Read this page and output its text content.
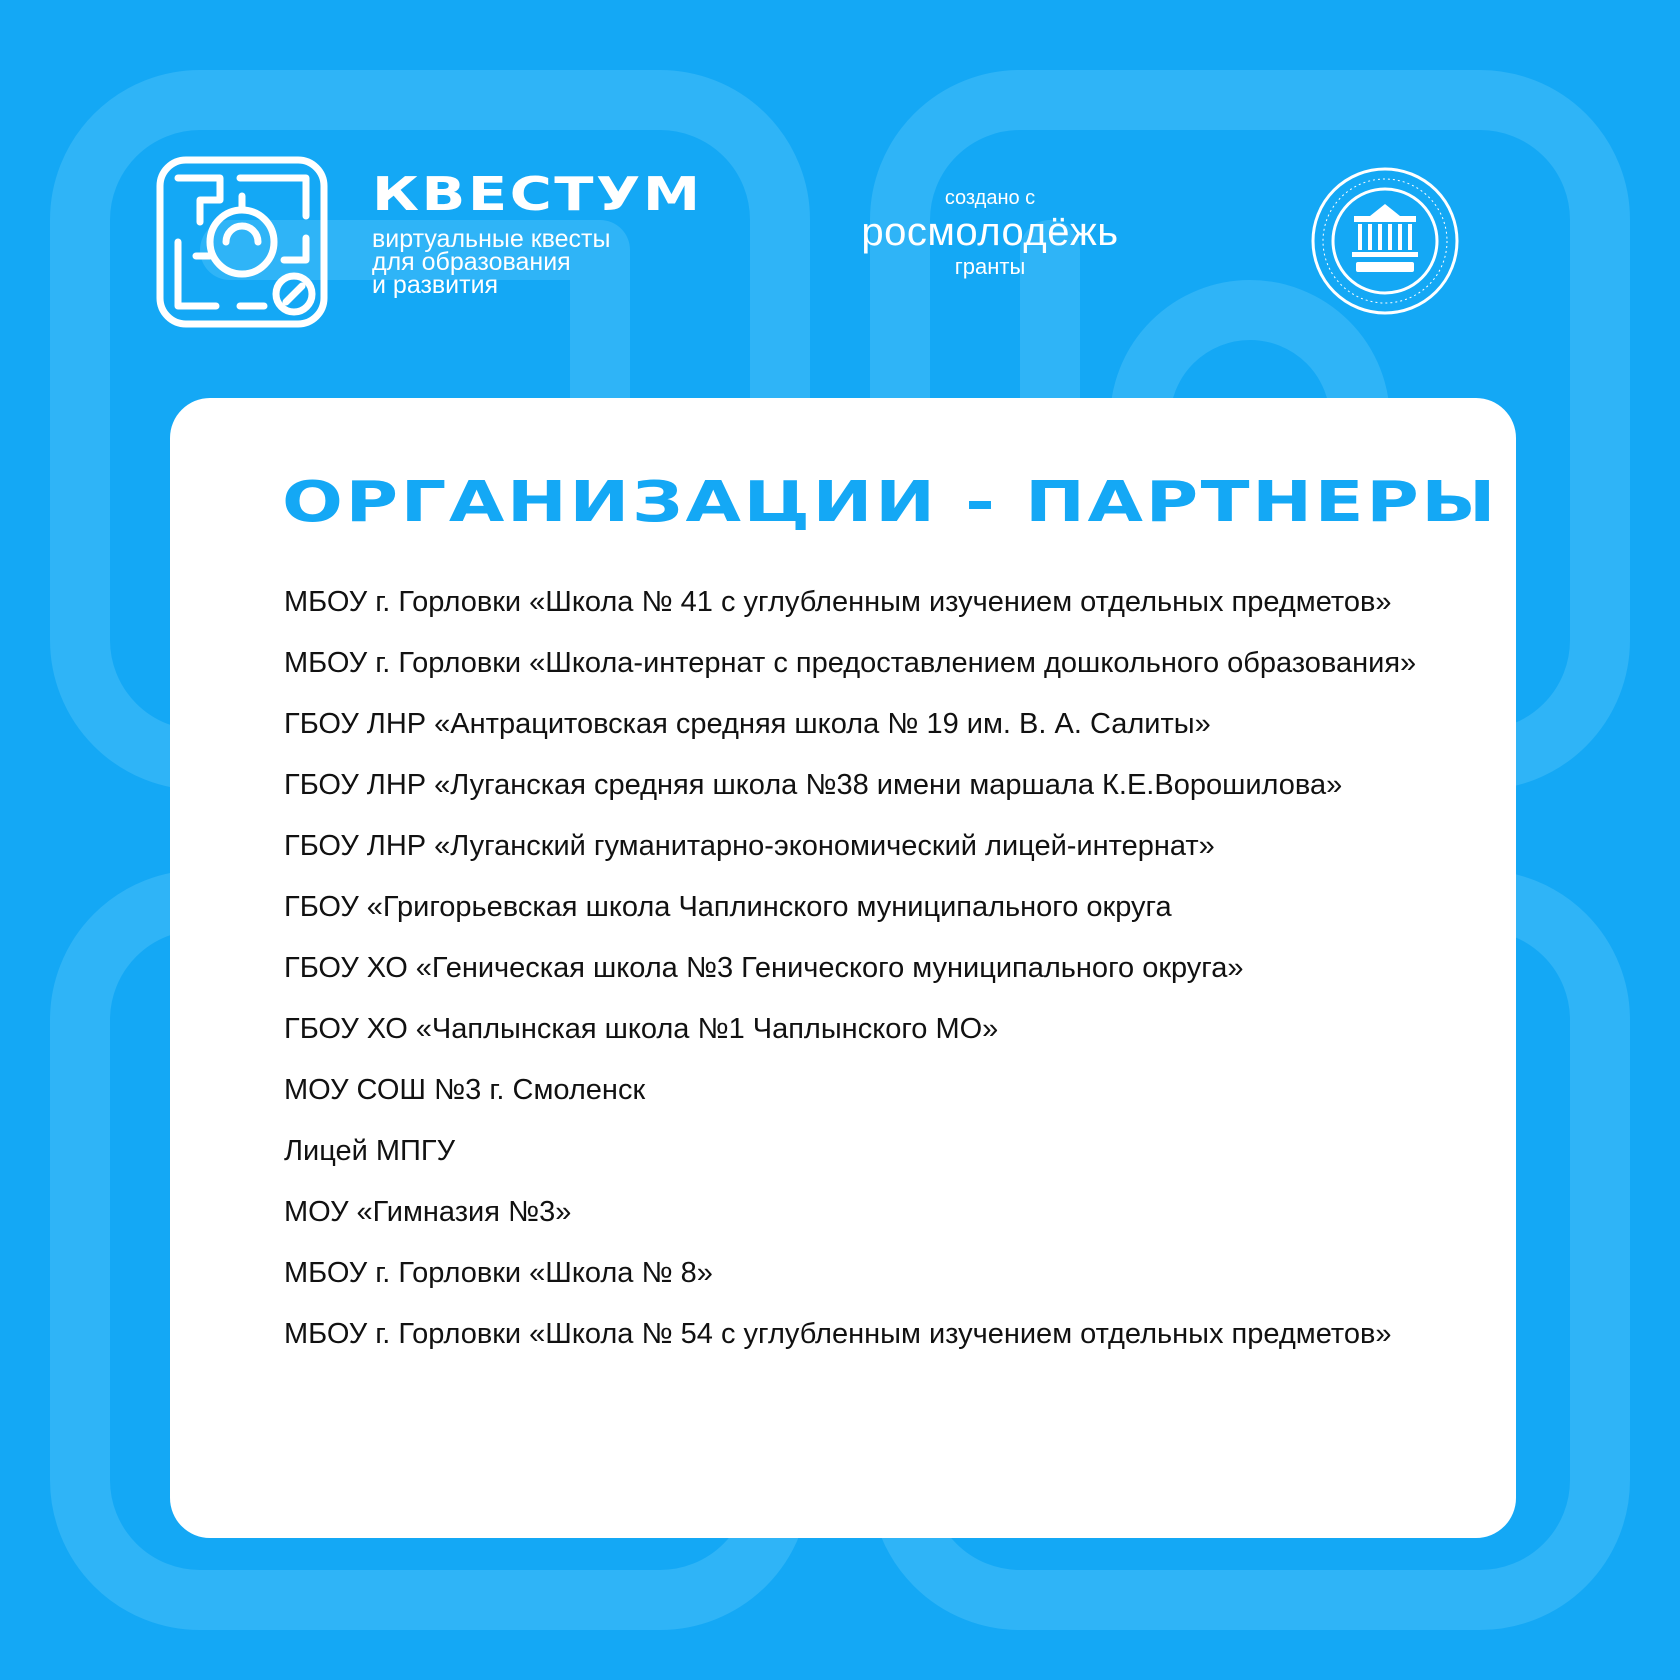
КВЕСТУМ
виртуальные квесты
для образования
и развития
создано с
росмолодёжь
гранты
ОРГАНИЗАЦИИ - ПАРТНЕРЫ
МБОУ г. Горловки «Школа № 41 с углубленным изучением отдельных предметов»
МБОУ г. Горловки «Школа-интернат с предоставлением дошкольного образования»
ГБОУ ЛНР «Антрацитовская средняя школа № 19 им. В. А. Салиты»
ГБОУ ЛНР «Луганская средняя школа №38 имени маршала К.Е.Ворошилова»
ГБОУ ЛНР «Луганский гуманитарно-экономический лицей-интернат»
ГБОУ «Григорьевская школа Чаплинского муниципального округа
ГБОУ ХО «Геническая школа №3 Генического муниципального округа»
ГБОУ ХО «Чаплынская школа №1 Чаплынского МО»
МОУ СОШ №3 г. Смоленск
Лицей МПГУ
МОУ «Гимназия №3»
МБОУ г. Горловки «Школа № 8»
МБОУ г. Горловки «Школа № 54 с углубленным изучением отдельных предметов»
